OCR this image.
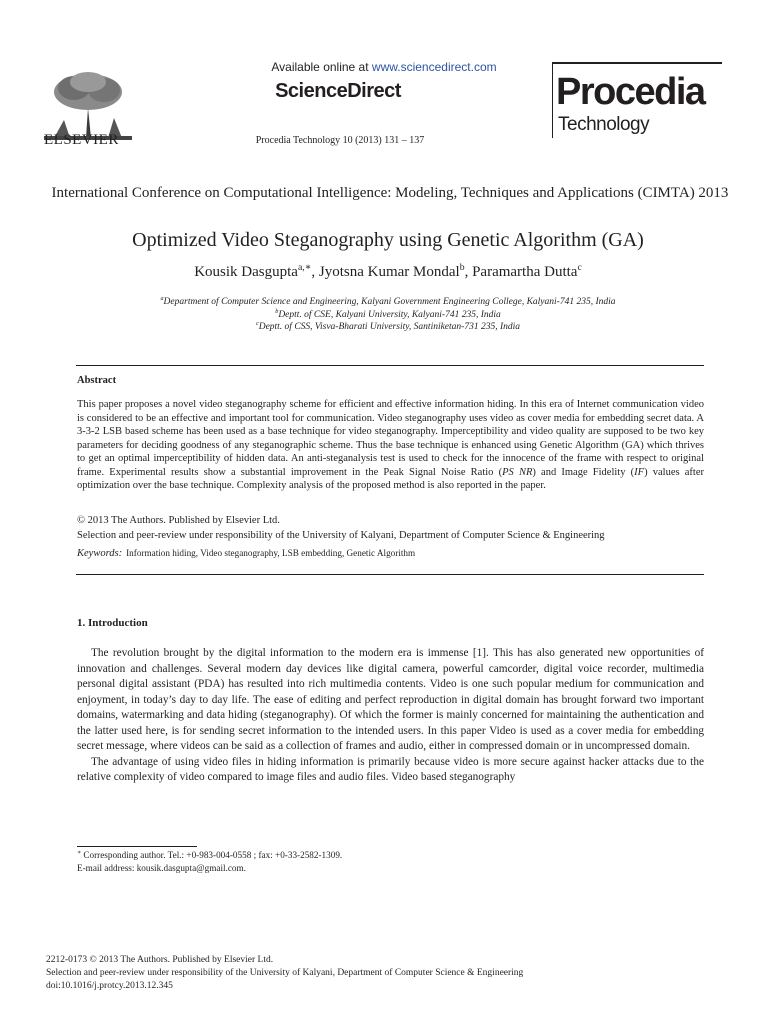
ELSEVIER
Available online at www.sciencedirect.com
ScienceDirect
Procedia Technology 10 (2013) 131 – 137
Procedia
Technology
International Conference on Computational Intelligence: Modeling, Techniques and Applications (CIMTA) 2013
Optimized Video Steganography using Genetic Algorithm (GA)
Kousik Dasgupta$^{a,∗}$, Jyotsna Kumar Mondal$^b$, Paramartha Dutta$^c$
$^a$Department of Computer Science and Engineering, Kalyani Government Engineering College, Kalyani-741 235, India
$^b$Deptt. of CSE, Kalyani University, Kalyani-741 235, India
$^c$Deptt. of CSS, Visva-Bharati University, Santiniketan-731 235, India
Abstract
This paper proposes a novel video steganography scheme for efficient and effective information hiding. In this era of Internet communication video is considered to be an effective and important tool for communication. Video steganography uses video as cover media for embedding secret data. A 3-3-2 LSB based scheme has been used as a base technique for video steganography. Imperceptibility and video quality are supposed to be two key parameters for deciding goodness of any steganographic scheme. Thus the base technique is enhanced using Genetic Algorithm (GA) which thrives to get an optimal imperceptibility of hidden data. An anti-steganalysis test is used to check for the innocence of the frame with respect to original frame. Experimental results show a substantial improvement in the Peak Signal Noise Ratio (PS NR) and Image Fidelity (IF) values after optimization over the base technique. Complexity analysis of the proposed method is also reported in the paper.
© 2013 The Authors. Published by Elsevier Ltd.
Selection and peer-review under responsibility of the University of Kalyani, Department of Computer Science & Engineering
Keywords: Information hiding, Video steganography, LSB embedding, Genetic Algorithm
1. Introduction

The revolution brought by the digital information to the modern era is immense [1]. This has also generated new opportunities of innovation and challenges. Several modern day devices like digital camera, powerful camcorder, digital voice recorder, multimedia personal digital assistant (PDA) has resulted into rich multimedia contents. Video is one such popular medium for communication and enjoyment, in today’s day to day life. The ease of editing and perfect reproduction in digital domain has brought forward two important domains, watermarking and data hiding (steganography). Of which the former is mainly concerned for maintaining the authentication and the latter used here, is for sending secret information to the intended users. In this paper Video is used as a cover media for embedding secret message, where videos can be said as a collection of frames and audio, either in compressed domain or in uncompressed domain.

The advantage of using video files in hiding information is primarily because video is more secure against hacker attacks due to the relative complexity of video compared to image files and audio files. Video based steganography

∗ Corresponding author. Tel.: +0-983-004-0558 ; fax: +0-33-2582-1309.
E-mail address: kousik.dasgupta@gmail.com.
2212-0173 © 2013 The Authors. Published by Elsevier Ltd.
Selection and peer-review under responsibility of the University of Kalyani, Department of Computer Science & Engineering
doi:10.1016/j.protcy.2013.12.345
